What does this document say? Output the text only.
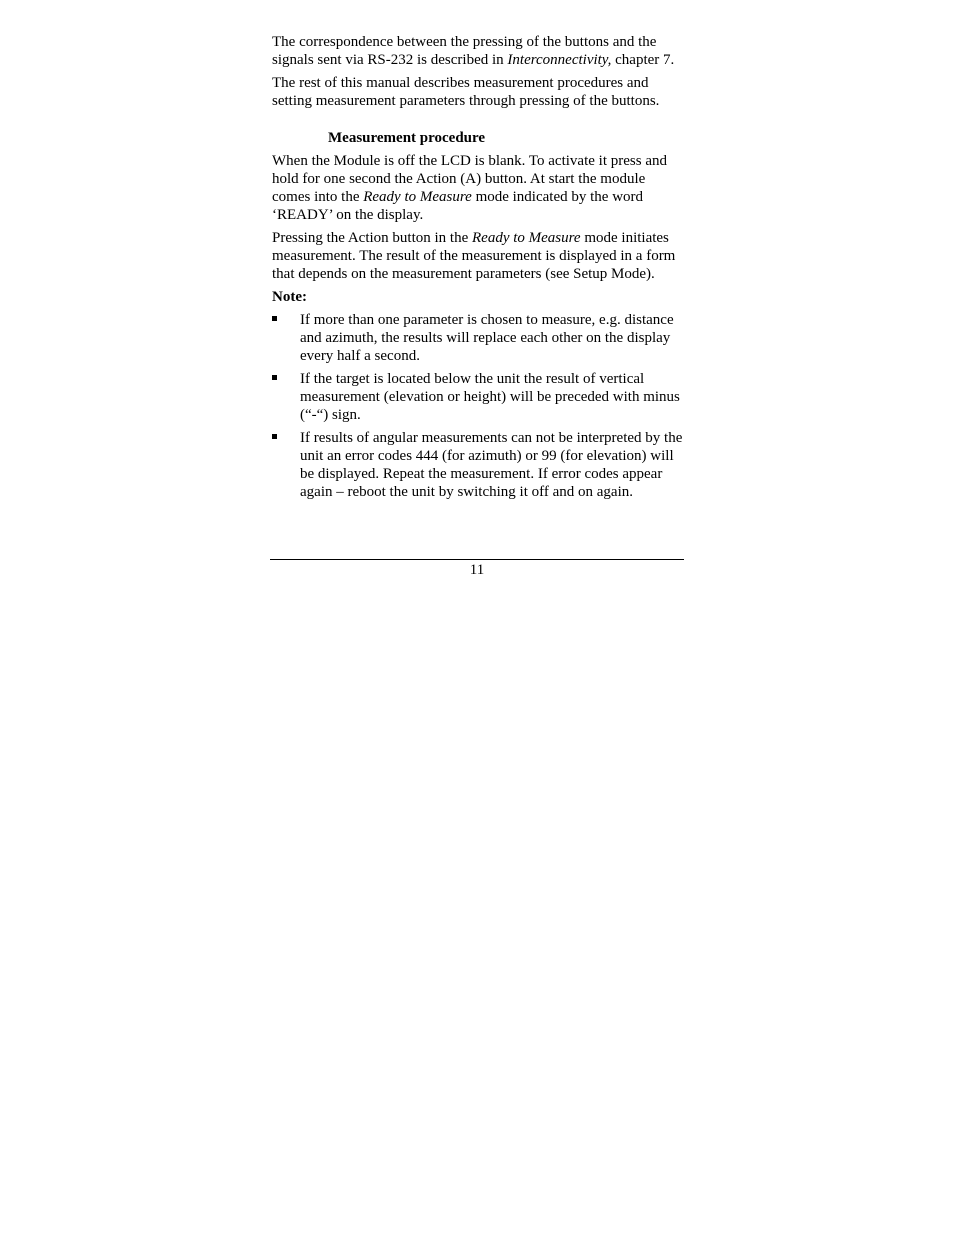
The correspondence between the pressing of the buttons and the signals sent via RS-232 is described in Interconnectivity, chapter 7.

The rest of this manual describes measurement procedures and setting measurement parameters through pressing of the buttons.

Measurement procedure

When the Module is off the LCD is blank. To activate it press and hold for one second the Action (A) button. At start the module comes into the Ready to Measure mode indicated by the word ‘READY’ on the display.

Pressing the Action button in the Ready to Measure mode initiates measurement. The result of the measurement is displayed in a form that depends on the measurement parameters (see Setup Mode).

Note:

If more than one parameter is chosen to measure, e.g. distance and azimuth, the results will replace each other on the display every half a second.
If the target is located below the unit the result of vertical measurement (elevation or height) will be preceded with minus (“-“) sign.
If results of angular measurements can not be interpreted by the unit an error codes 444 (for azimuth) or 99 (for elevation) will be displayed. Repeat the measurement. If error codes appear again – reboot the unit by switching it off and on again.
11
